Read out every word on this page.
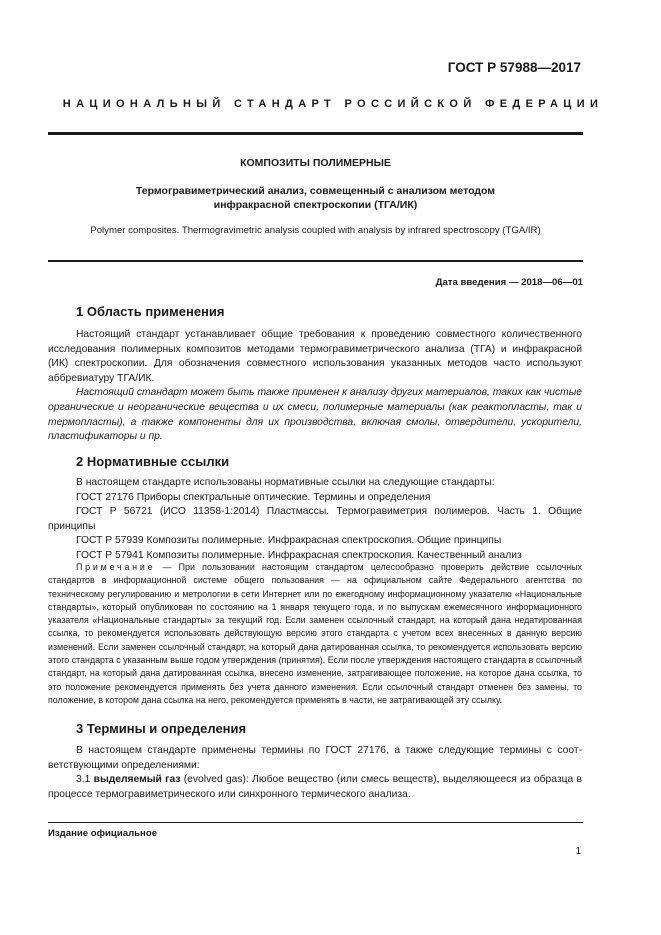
ГОСТ Р 57988—2017
НАЦИОНАЛЬНЫЙ СТАНДАРТ РОССИЙСКОЙ ФЕДЕРАЦИИ
КОМПОЗИТЫ ПОЛИМЕРНЫЕ
Термогравиметрический анализ, совмещенный с анализом методом
инфракрасной спектроскопии (ТГА/ИК)
Polymer composites. Thermogravimetric analysis coupled with analysis by infrared spectroscopy (TGA/IR)
Дата введения — 2018—06—01
1 Область применения

Настоящий стандарт устанавливает общие требования к проведению совместного количественного исследования полимерных композитов методами термогравиметрического анализа (ТГА) и инфракрасной (ИК) спектроскопии. Для обозначения совместного использования указанных методов часто используют аббревиатуру ТГА/ИК.

Настоящий стандарт может быть также применен к анализу других материалов, таких как чистые органические и неорганические вещества и их смеси, полимерные материалы (как реактопласты, так и термопласты), а также компоненты для их производства, включая смолы, отвердители, ускорители, пластификаторы и пр.

2 Нормативные ссылки

В настоящем стандарте использованы нормативные ссылки на следующие стандарты:

ГОСТ 27176 Приборы спектральные оптические. Термины и определения

ГОСТ Р 56721 (ИСО 11358-1:2014) Пластмассы. Термогравиметрия полимеров. Часть 1. Общие принципы

ГОСТ Р 57939 Композиты полимерные. Инфракрасная спектроскопия. Общие принципы

ГОСТ Р 57941 Композиты полимерные. Инфракрасная спектроскопия. Качественный анализ

Примечание — При пользовании настоящим стандартом целесообразно проверить действие ссылочных стандартов в информационной системе общего пользования — на официальном сайте Федерального агентства по техническому регулированию и метрологии в сети Интернет или по ежегодному информационному указателю «Национальные стандарты», который опубликован по состоянию на 1 января текущего года, и по выпускам ежемесячного информационного указателя «Национальные стандарты» за текущий год. Если заменен ссылочный стандарт, на который дана недатированная ссылка, то рекомендуется использовать действующую версию этого стандарта с учетом всех внесенных в данную версию изменений. Если заменен ссылочный стандарт, на который дана датированная ссылка, то рекомендуется использовать версию этого стандарта с указанным выше годом утверждения (принятия). Если после утверждения настоящего стандарта в ссылочный стандарт, на который дана датированная ссылка, внесено изменение, затрагивающее положение, на которое дана ссылка, то это положение рекомендуется применять без учета данного изменения. Если ссылочный стандарт отменен без замены, то положение, в котором дана ссылка на него, рекомендуется применять в части, не затрагивающей эту ссылку.

3 Термины и определения

В настоящем стандарте применены термины по ГОСТ 27176, а также следующие термины с соответствующими определениями:

3.1 выделяемый газ (evolved gas): Любое вещество (или смесь веществ), выделяющееся из образца в процессе термогравиметрического или синхронного термического анализа.

Издание официальное
1
